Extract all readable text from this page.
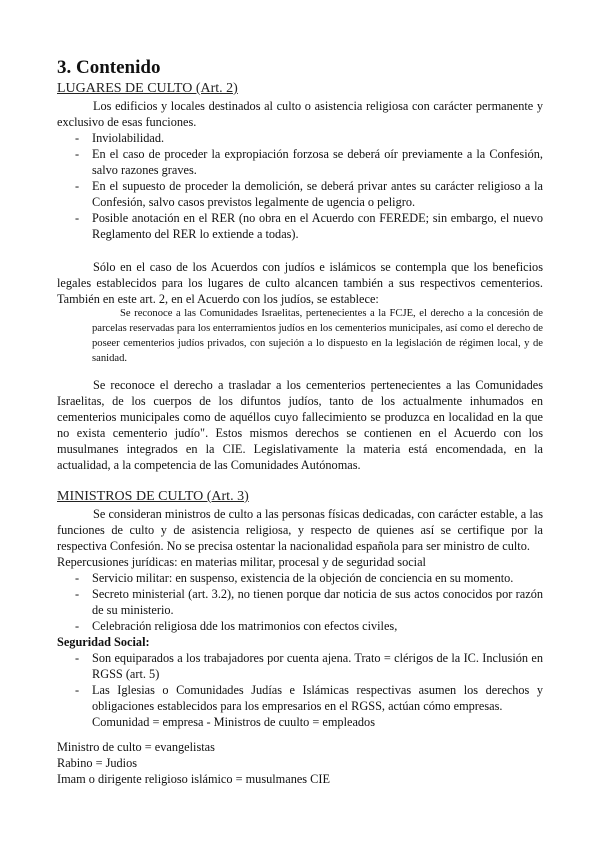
3. Contenido
LUGARES DE CULTO (Art. 2)

Los edificios y locales destinados al culto o asistencia religiosa con carácter permanente y exclusivo de esas funciones.

- Inviolabilidad.
- En el caso de proceder la expropiación forzosa se deberá oír previamente a la Confesión, salvo razones graves.
- En el supuesto de proceder la demolición, se deberá privar antes su carácter religioso a la Confesión, salvo casos previstos legalmente de ugencia o peligro.
- Posible anotación en el RER (no obra en el Acuerdo con FEREDE; sin embargo, el nuevo Reglamento del RER lo extiende a todas).

Sólo en el caso de los Acuerdos con judíos e islámicos se contempla que los beneficios legales establecidos para los lugares de culto alcancen también a sus respectivos cementerios. También en este art. 2, en el Acuerdo con los judíos, se establece:

Se reconoce a las Comunidades Israelitas, pertenecientes a la FCJE, el derecho a la concesión de parcelas reservadas para los enterramientos judíos en los cementerios municipales, así como el derecho de poseer cementerios judíos privados, con sujeción a lo dispuesto en la legislación de régimen local, y de sanidad.

Se reconoce el derecho a trasladar a los cementerios pertenecientes a las Comunidades Israelitas, de los cuerpos de los difuntos judíos, tanto de los actualmente inhumados en cementerios municipales como de aquéllos cuyo fallecimiento se produzca en localidad en la que no exista cementerio judío". Estos mismos derechos se contienen en el Acuerdo con los musulmanes integrados en la CIE. Legislativamente la materia está encomendada, en la actualidad, a la competencia de las Comunidades Autónomas.

MINISTROS DE CULTO (Art. 3)

Se consideran ministros de culto a las personas físicas dedicadas, con carácter estable, a las funciones de culto y de asistencia religiosa, y respecto de quienes así se certifique por la respectiva Confesión. No se precisa ostentar la nacionalidad española para ser ministro de culto.

Repercusiones jurídicas: en materias militar, procesal y de seguridad social

- Servicio militar: en suspenso, existencia de la objeción de conciencia en su momento.
- Secreto ministerial (art. 3.2), no tienen porque dar noticia de sus actos conocidos por razón de su ministerio.
- Celebración religiosa dde los matrimonios con efectos civiles,

Seguridad Social:

- Son equiparados a los trabajadores por cuenta ajena. Trato = clérigos de la IC. Inclusión en RGSS (art. 5)
- Las Iglesias o Comunidades Judías e Islámicas respectivas asumen los derechos y obligaciones establecidos para los empresarios en el RGSS, actúan cómo empresas.

Comunidad = empresa - Ministros de cuulto = empleados

Ministro de culto = evangelistas

Rabino = Judios

Imam o dirigente religioso islámico = musulmanes CIE
